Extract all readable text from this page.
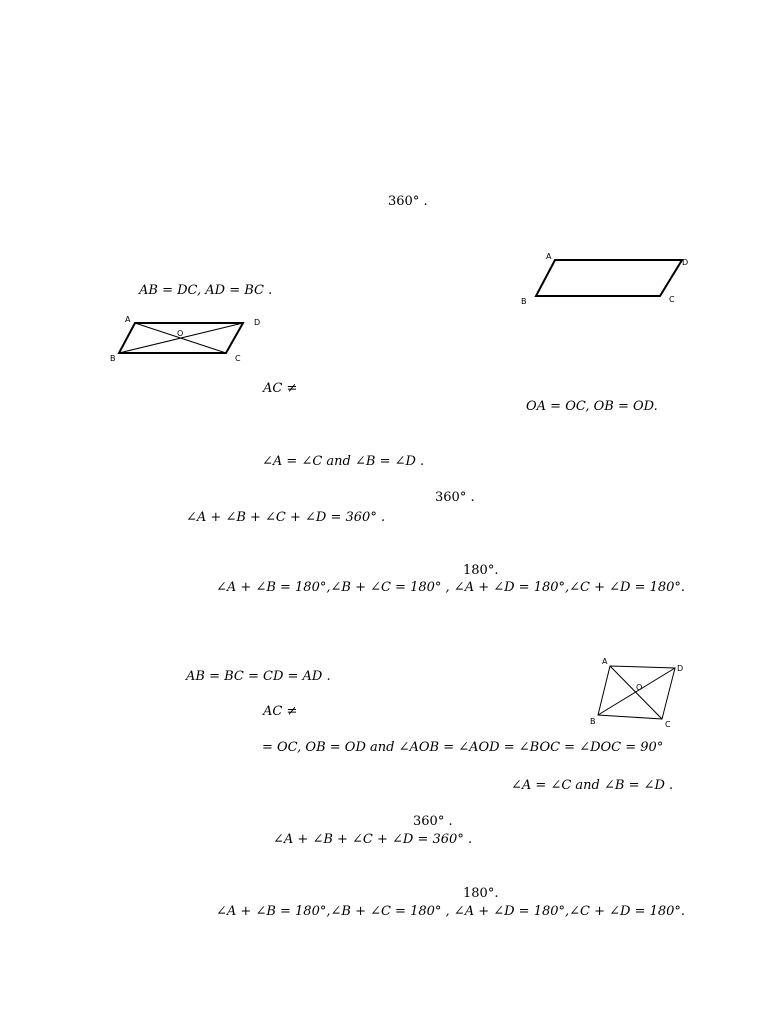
360° .
A
D
B	C
AB = DC, AD = BC .
A	D
B	C
O
AC ≠
OA = OC, OB = OD.
∠A = ∠C and ∠B = ∠D .
360° .
∠A + ∠B + ∠C + ∠D = 360° .
180°.
∠A + ∠B = 180°,∠B + ∠C = 180° , ∠A + ∠D = 180°,∠C + ∠D = 180°.
A
D
B	C
O
AB = BC = CD = AD .
AC ≠
= OC, OB = OD and ∠AOB = ∠AOD = ∠BOC = ∠DOC = 90°
∠A = ∠C and ∠B = ∠D .
360° .
∠A + ∠B + ∠C + ∠D = 360° .
180°.
∠A + ∠B = 180°,∠B + ∠C = 180° , ∠A + ∠D = 180°,∠C + ∠D = 180°.
